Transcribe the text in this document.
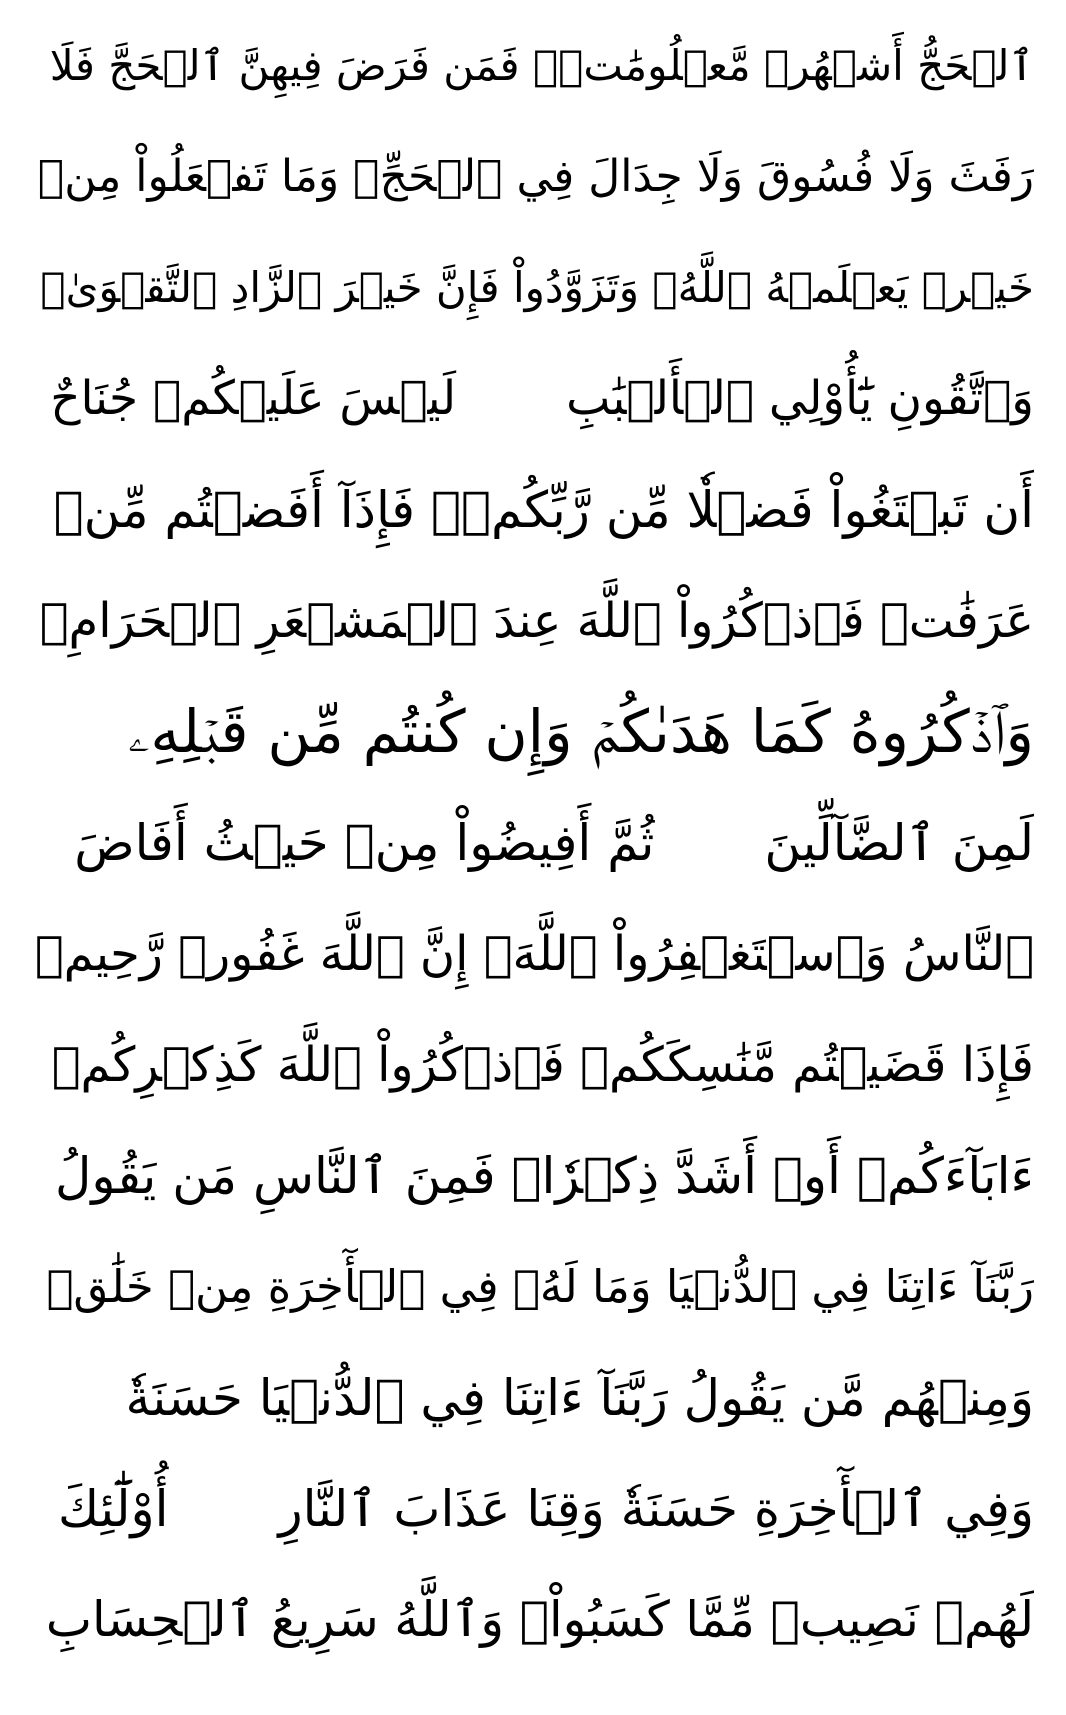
ٱلۡحَجُّ أَشۡهُرٞ مَّعۡلُومَٰتٞۚ فَمَن فَرَضَ فِيهِنَّ ٱلۡحَجَّ فَلَا
رَفَثَ وَلَا فُسُوقَ وَلَا جِدَالَ فِي ٱلۡحَجِّۗ وَمَا تَفۡعَلُواْ مِنۡ
خَيۡرٖ يَعۡلَمۡهُ ٱللَّهُۗ وَتَزَوَّدُواْ فَإِنَّ خَيۡرَ ٱلزَّادِ ٱلتَّقۡوَىٰۖ
وَٱتَّقُونِ يَٰٓأُوْلِي ٱلۡأَلۡبَٰبِلَيۡسَ عَلَيۡكُمۡ جُنَاحٌ
أَن تَبۡتَغُواْ فَضۡلٗا مِّن رَّبِّكُمۡۚ فَإِذَآ أَفَضۡتُم مِّنۡ
عَرَفَٰتٖ فَٱذۡكُرُواْ ٱللَّهَ عِندَ ٱلۡمَشۡعَرِ ٱلۡحَرَامِۖ
وَٱذۡكُرُوهُ كَمَا هَدَىٰكُمۡ وَإِن كُنتُم مِّن قَبۡلِهِۦ
لَمِنَ ٱلضَّآلِّينَثُمَّ أَفِيضُواْ مِنۡ حَيۡثُ أَفَاضَ
ٱلنَّاسُ وَٱسۡتَغۡفِرُواْ ٱللَّهَۚ إِنَّ ٱللَّهَ غَفُورٞ رَّحِيمٞ
فَإِذَا قَضَيۡتُم مَّنَٰسِكَكُمۡ فَٱذۡكُرُواْ ٱللَّهَ كَذِكۡرِكُمۡ
ءَابَآءَكُمۡ أَوۡ أَشَدَّ ذِكۡرٗاۗ فَمِنَ ٱلنَّاسِ مَن يَقُولُ
رَبَّنَآ ءَاتِنَا فِي ٱلدُّنۡيَا وَمَا لَهُۥ فِي ٱلۡأٓخِرَةِ مِنۡ خَلَٰقٖ
وَمِنۡهُم مَّن يَقُولُ رَبَّنَآ ءَاتِنَا فِي ٱلدُّنۡيَا حَسَنَةٗ
وَفِي ٱلۡأٓخِرَةِ حَسَنَةٗ وَقِنَا عَذَابَ ٱلنَّارِأُوْلَٰٓئِكَ
لَهُمۡ نَصِيبٞ مِّمَّا كَسَبُواْۚ وَٱللَّهُ سَرِيعُ ٱلۡحِسَابِ
